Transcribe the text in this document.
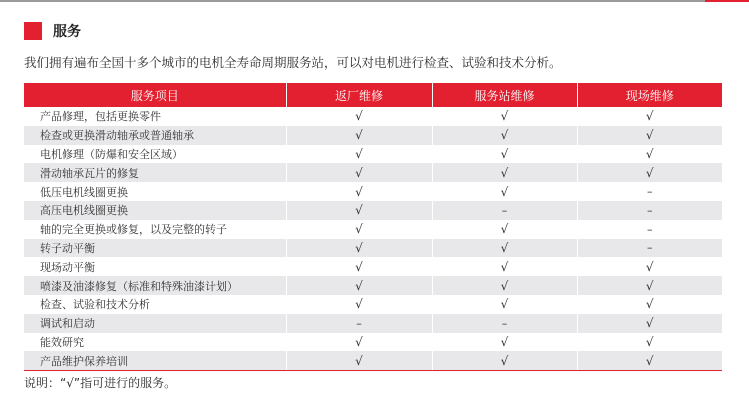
服务
我们拥有遍布全国十多个城市的电机全寿命周期服务站，可以对电机进行检查、试验和技术分析。
服务项目	返厂维修	服务站维修	现场维修
产品修理，包括更换零件	√	√	√
检查或更换滑动轴承或普通轴承	√	√	√
电机修理（防爆和安全区域）	√	√	√
滑动轴承瓦片的修复	√	√	√
低压电机线圈更换	√	√	–
高压电机线圈更换	√	–	–
轴的完全更换或修复，以及完整的转子	√	√	–
转子动平衡	√	√	–
现场动平衡	√	√	√
喷漆及油漆修复（标准和特殊油漆计划）	√	√	√
检查、试验和技术分析	√	√	√
调试和启动	–	–	√
能效研究	√	√	√
产品维护保养培训	√	√	√
说明：“√”指可进行的服务。
